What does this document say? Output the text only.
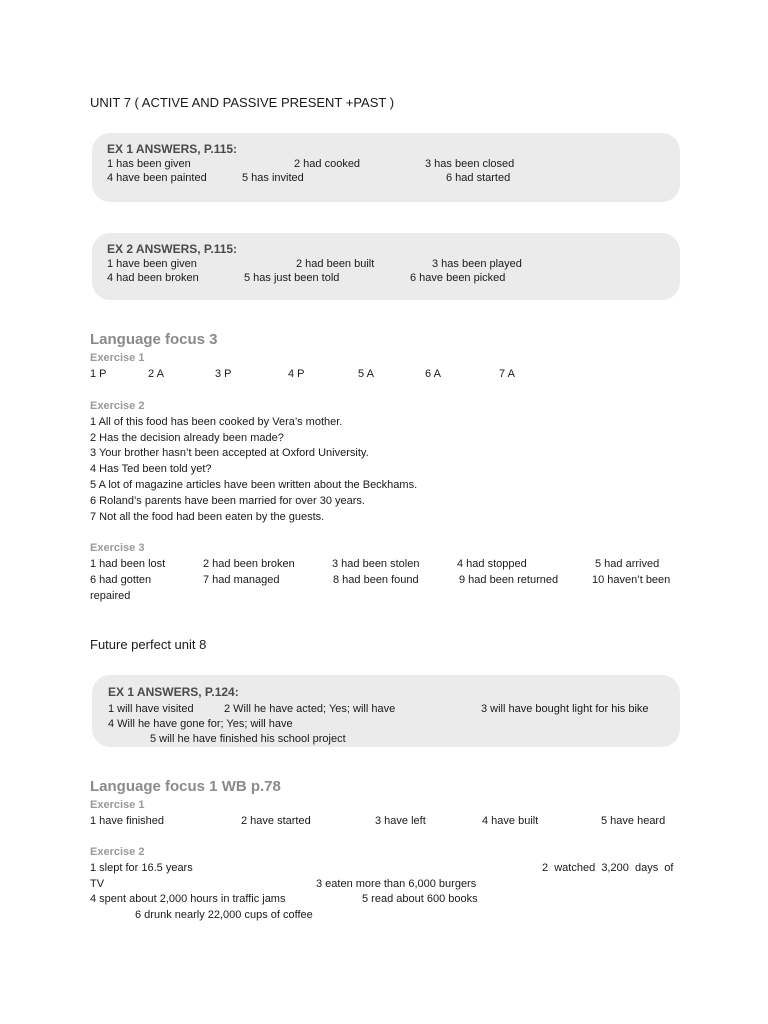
UNIT 7 ( ACTIVE AND PASSIVE PRESENT +PAST )
EX 1 ANSWERS, P.115:
1 has been given	2 had cooked	3 has been closed
4 have been painted	5 has invited	6 had started
EX 2 ANSWERS, P.115:
1 have been given	2 had been built	3 has been played
4 had been broken	5 has just been told	6 have been picked
Language focus 3
Exercise 1
1 P	2 A	3 P	4 P	5 A	6 A	7 A
Exercise 2
1 All of this food has been cooked by Vera’s mother.
2 Has the decision already been made?
3 Your brother hasn’t been accepted at Oxford University.
4 Has Ted been told yet?
5 A lot of magazine articles have been written about the Beckhams.
6 Roland’s parents have been married for over 30 years.
7 Not all the food had been eaten by the guests.
Exercise 3
1 had been lost	2 had been broken	3 had been stolen	4 had stopped	5 had arrived
6 had gotten	7 had managed	8 had been found	9 had been returned	10 haven’t been
repaired
Future perfect unit 8
EX 1 ANSWERS, P.124:
1 will have visited	2 Will he have acted; Yes; will have	3 will have bought light for his bike
4 Will he have gone for; Yes; will have
5 will he have finished his school project
Language focus 1 WB p.78
Exercise 1
1 have finished	2 have started	3 have left	4 have built	5 have heard
Exercise 2
1 slept for 16.5 years	2  watched  3,200  days  of
TV	3 eaten more than 6,000 burgers
4 spent about 2,000 hours in traffic jams	5 read about 600 books
6 drunk nearly 22,000 cups of coffee
